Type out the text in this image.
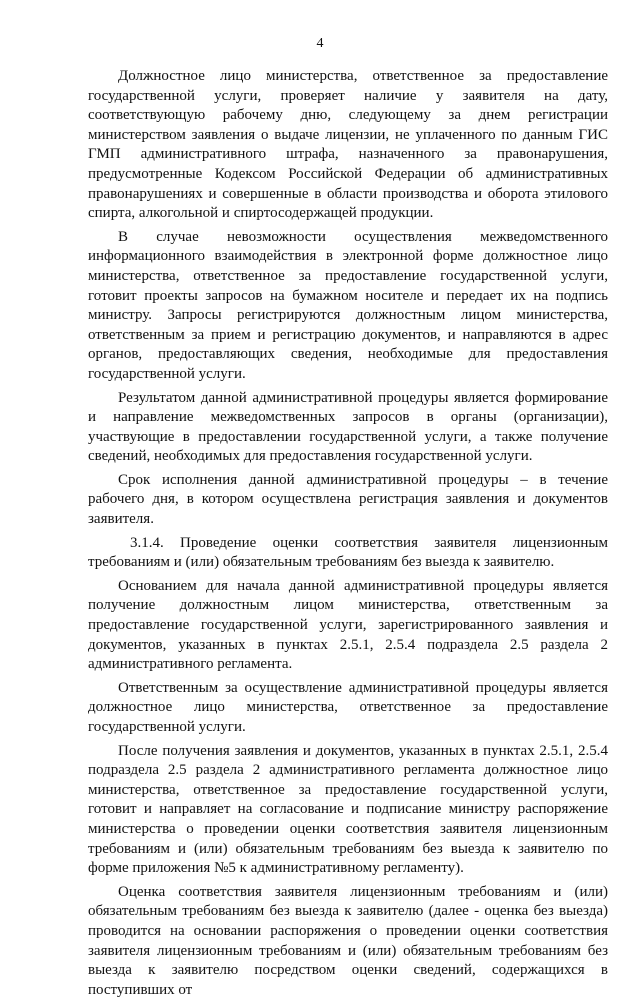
4

Должностное лицо министерства, ответственное за предоставление государственной услуги, проверяет наличие у заявителя на дату, соответствующую рабочему дню, следующему за днем регистрации министерством заявления о выдаче лицензии, не уплаченного по данным ГИС ГМП административного штрафа, назначенного за правонарушения, предусмотренные Кодексом Российской Федерации об административных правонарушениях и совершенные в области производства и оборота этилового спирта, алкогольной и спиртосодержащей продукции.

В случае невозможности осуществления межведомственного информационного взаимодействия в электронной форме должностное лицо министерства, ответственное за предоставление государственной услуги, готовит проекты запросов на бумажном носителе и передает их на подпись министру. Запросы регистрируются должностным лицом министерства, ответственным за прием и регистрацию документов, и направляются в адрес органов, предоставляющих сведения, необходимые для предоставления государственной услуги.

Результатом данной административной процедуры является формирование и направление межведомственных запросов в органы (организации), участвующие в предоставлении государственной услуги, а также получение сведений, необходимых для предоставления государственной услуги.

Срок исполнения данной административной процедуры – в течение рабочего дня, в котором осуществлена регистрация заявления и документов заявителя.

3.1.4. Проведение оценки соответствия заявителя лицензионным требованиям и (или) обязательным требованиям без выезда к заявителю.

Основанием для начала данной административной процедуры является получение должностным лицом министерства, ответственным за предоставление государственной услуги, зарегистрированного заявления и документов, указанных в пунктах 2.5.1, 2.5.4 подраздела 2.5 раздела 2 административного регламента.

Ответственным за осуществление административной процедуры является должностное лицо министерства, ответственное за предоставление государственной услуги.

После получения заявления и документов, указанных в пунктах 2.5.1, 2.5.4 подраздела 2.5 раздела 2 административного регламента должностное лицо министерства, ответственное за предоставление государственной услуги, готовит и направляет на согласование и подписание министру распоряжение министерства о проведении оценки соответствия заявителя лицензионным требованиям и (или) обязательным требованиям без выезда к заявителю по форме приложения №5 к административному регламенту).

Оценка соответствия заявителя лицензионным требованиям и (или) обязательным требованиям без выезда к заявителю (далее - оценка без выезда) проводится на основании распоряжения о проведении оценки соответствия заявителя лицензионным требованиям и (или) обязательным требованиям без выезда к заявителю посредством оценки сведений, содержащихся в поступивших от
